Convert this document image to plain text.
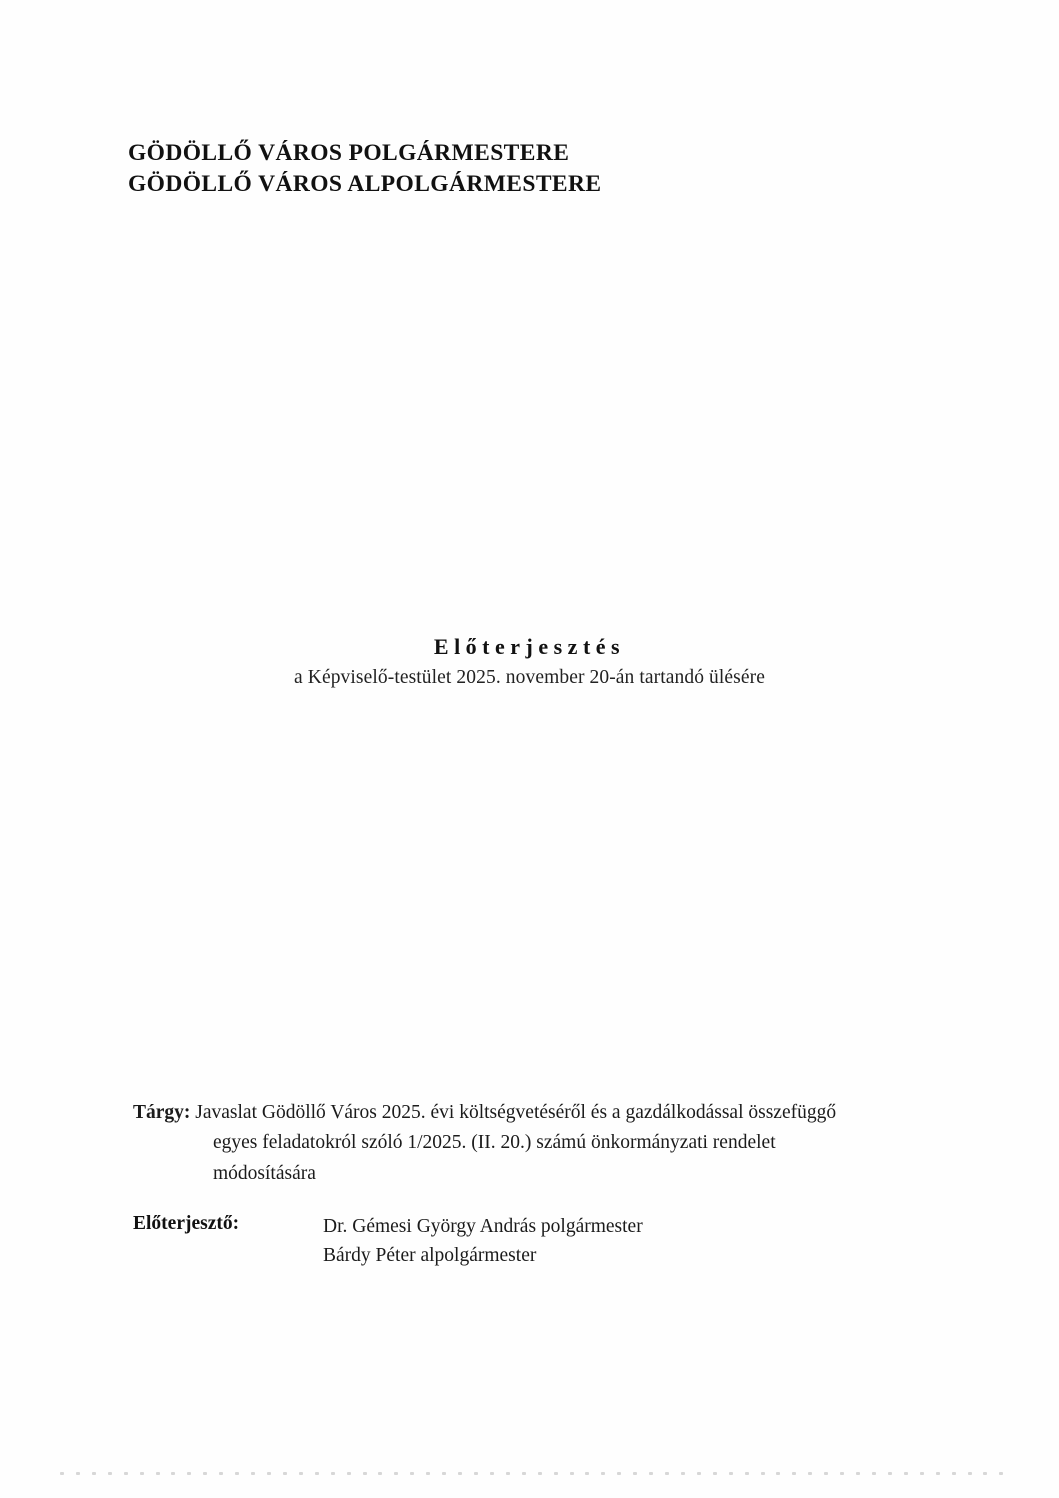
GÖDÖLLŐ VÁROS POLGÁRMESTERE
GÖDÖLLŐ VÁROS ALPOLGÁRMESTERE
Előterjesztés
a Képviselő-testület 2025. november 20-án tartandó ülésére

Tárgy: Javaslat Gödöllő Város 2025. évi költségvetéséről és a gazdálkodással összefüggő
egyes feladatokról szóló 1/2025. (II. 20.) számú önkormányzati rendelet
módosítására

Előterjesztő:	Dr. Gémesi György András polgármester
Bárdy Péter alpolgármester
